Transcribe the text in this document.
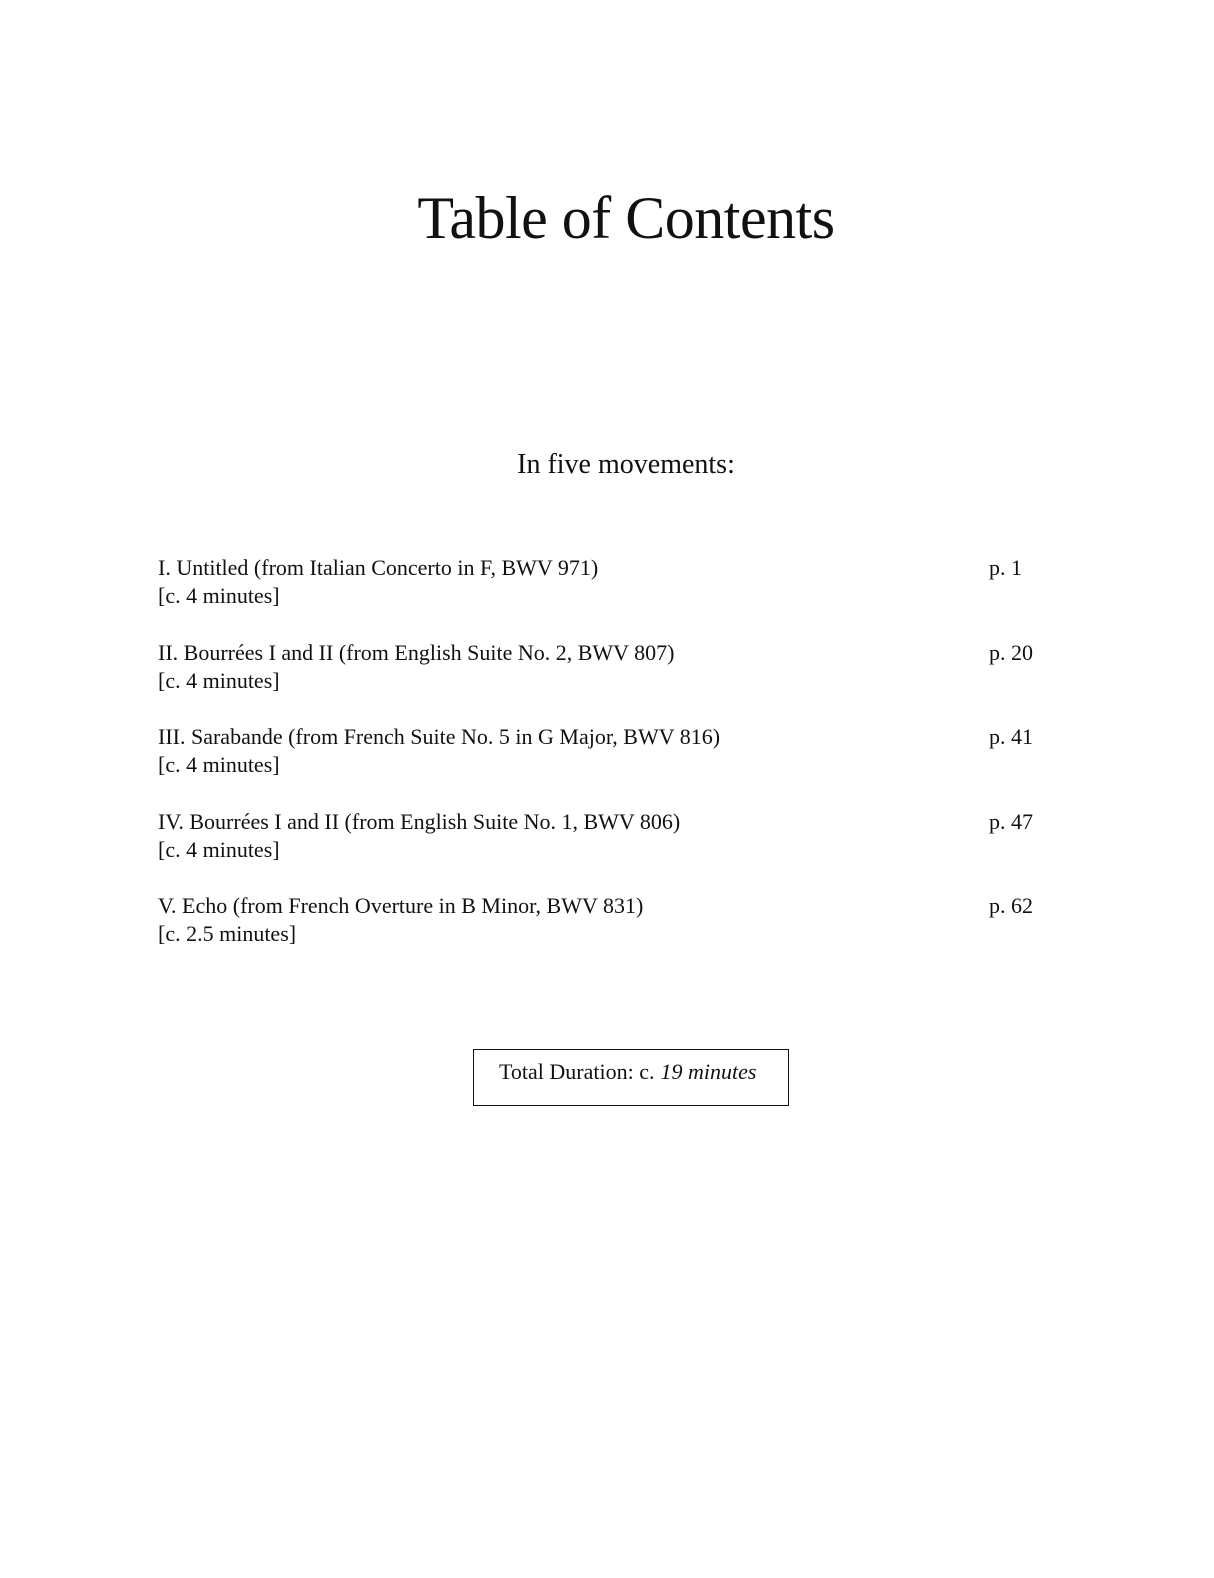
Table of Contents
In five movements:
I. Untitled (from Italian Concerto in F, BWV 971)
[c. 4 minutes]
p. 1
II. Bourrées I and II (from English Suite No. 2, BWV 807)
[c. 4 minutes]
p. 20
III. Sarabande (from French Suite No. 5 in G Major, BWV 816)
[c. 4 minutes]
p. 41
IV. Bourrées I and II (from English Suite No. 1, BWV 806)
[c. 4 minutes]
p. 47
V. Echo (from French Overture in B Minor, BWV 831)
[c. 2.5 minutes]
p. 62
Total Duration: c. 19 minutes
